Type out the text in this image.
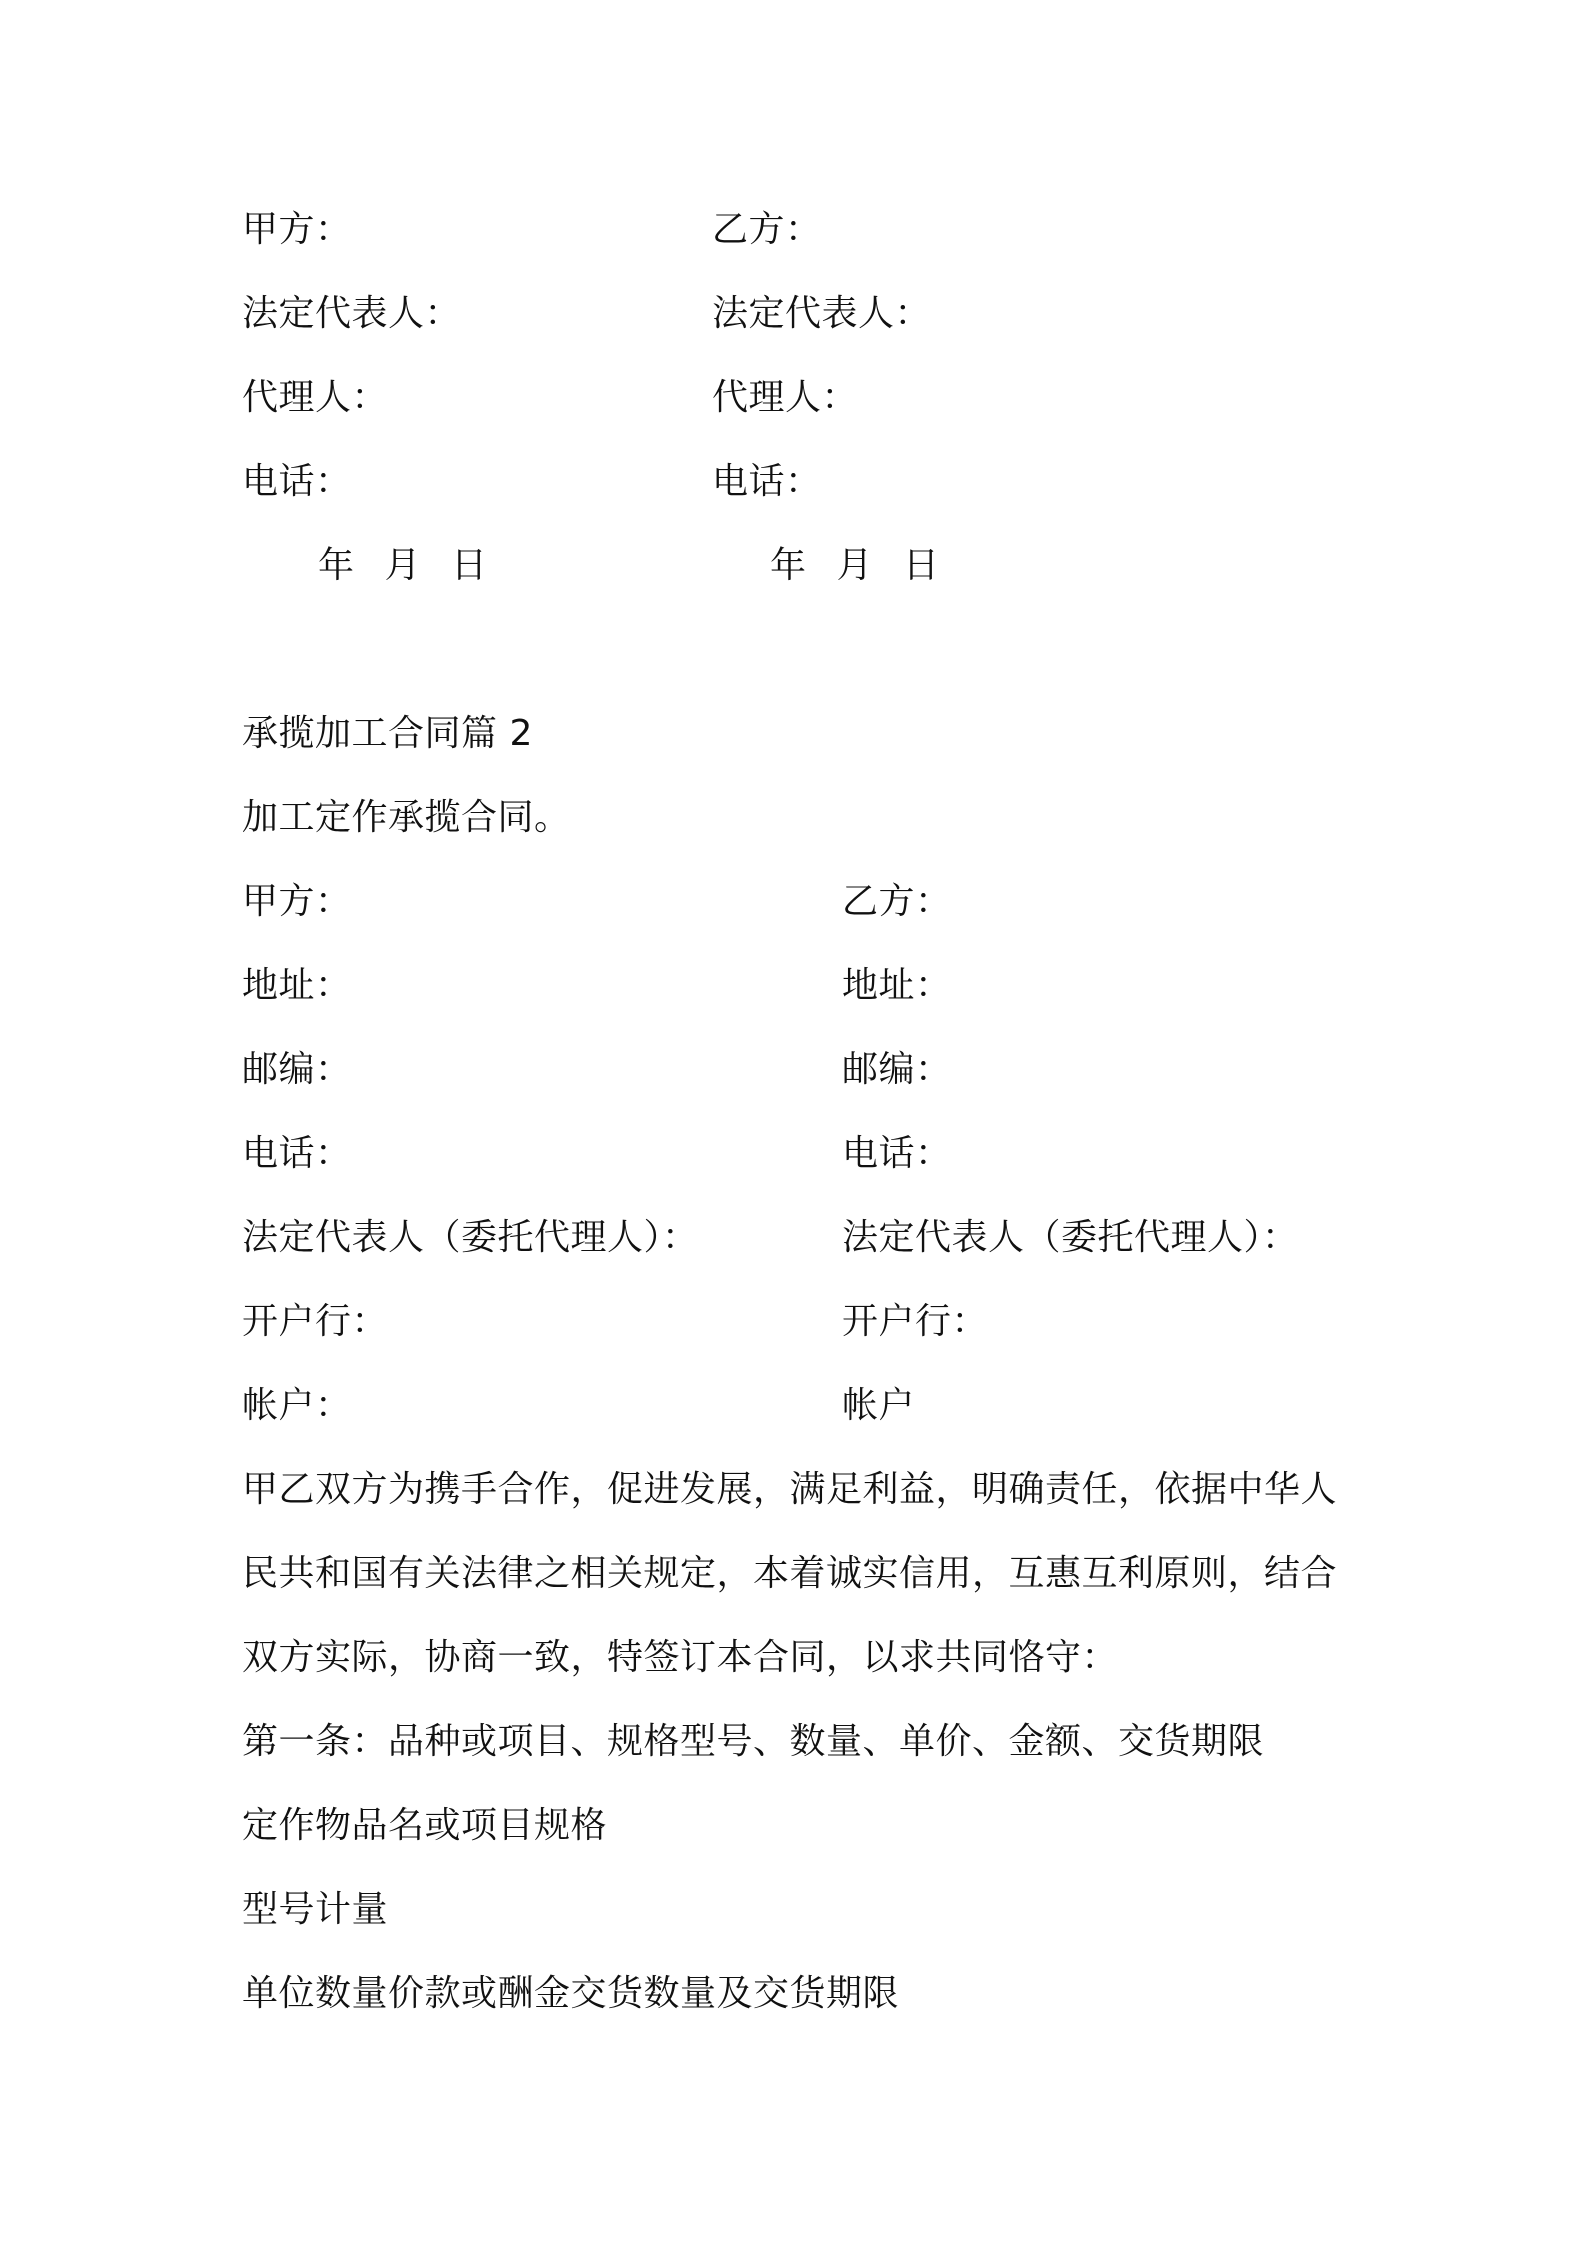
甲方：	乙方：
法定代表人：	法定代表人：
代理人：	代理人：
电话：	电话：
年 月 日	年 月 日
承揽加工合同篇 2
加工定作承揽合同。
甲方：	乙方：
地址：	地址：
邮编：	邮编：
电话：	电话：
法定代表人（委托代理人）：	法定代表人（委托代理人）：
开户行：	开户行：
帐户：	帐户
甲乙双方为携手合作，促进发展，满足利益，明确责任，依据中华人
民共和国有关法律之相关规定，本着诚实信用，互惠互利原则，结合
双方实际，协商一致，特签订本合同，以求共同恪守：
第一条：品种或项目、规格型号、数量、单价、金额、交货期限
定作物品名或项目规格
型号计量
单位数量价款或酬金交货数量及交货期限
